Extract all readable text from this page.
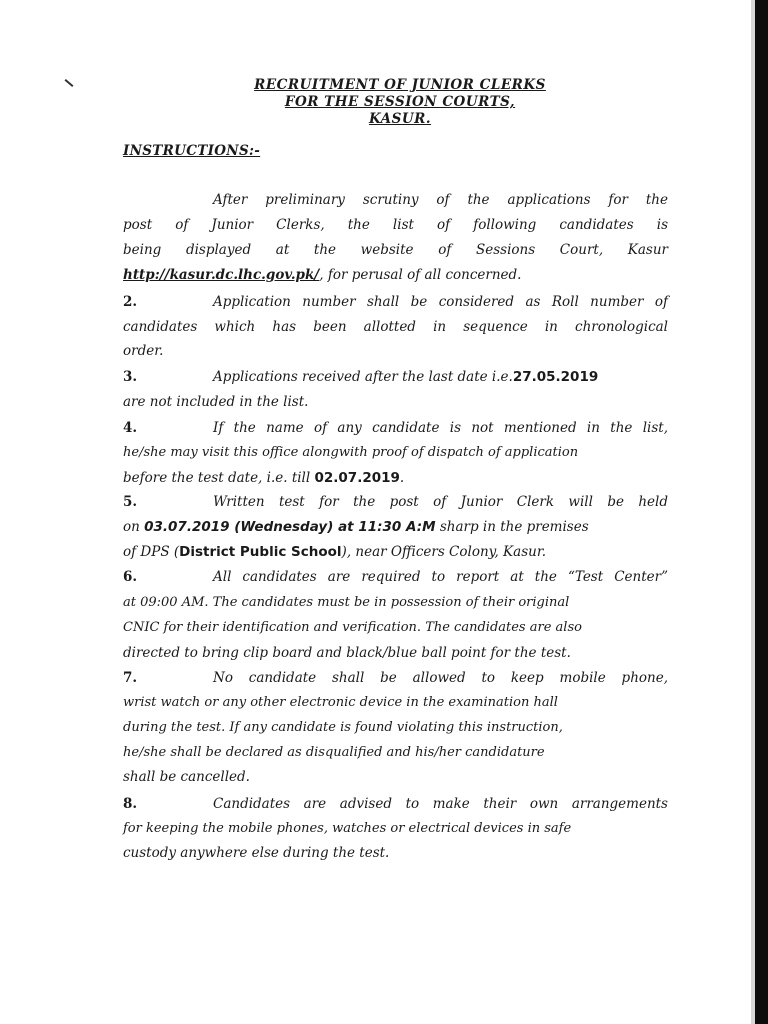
RECRUITMENT OF JUNIOR CLERKS
FOR THE SESSION COURTS,
KASUR.
INSTRUCTIONS:-
After preliminary scrutiny of the applications for the
post of Junior Clerks, the list of following candidates is
being displayed at the website of Sessions Court, Kasur
http://kasur.dc.lhc.gov.pk/, for perusal of all concerned.
2.	Application number shall be considered as Roll number of
candidates which has been allotted in sequence in chronological
order.
3.	Applications received after the last date i.e.27.05.2019
are not included in the list.
4.	If the name of any candidate is not mentioned in the list,
he/she may visit this office alongwith proof of dispatch of application
before the test date, i.e. till 02.07.2019.
5.	Written test for the post of Junior Clerk will be held
on 03.07.2019 (Wednesday) at 11:30 A:M sharp in the premises
of DPS (District Public School), near Officers Colony, Kasur.
6.	All candidates are required to report at the “Test Center”
at 09:00 AM. The candidates must be in possession of their original
CNIC for their identification and verification. The candidates are also
directed to bring clip board and black/blue ball point for the test.
7.	No candidate shall be allowed to keep mobile phone,
wrist watch or any other electronic device in the examination hall
during the test. If any candidate is found violating this instruction,
he/she shall be declared as disqualified and his/her candidature
shall be cancelled.
8.	Candidates are advised to make their own arrangements
for keeping the mobile phones, watches or electrical devices in safe
custody anywhere else during the test.
